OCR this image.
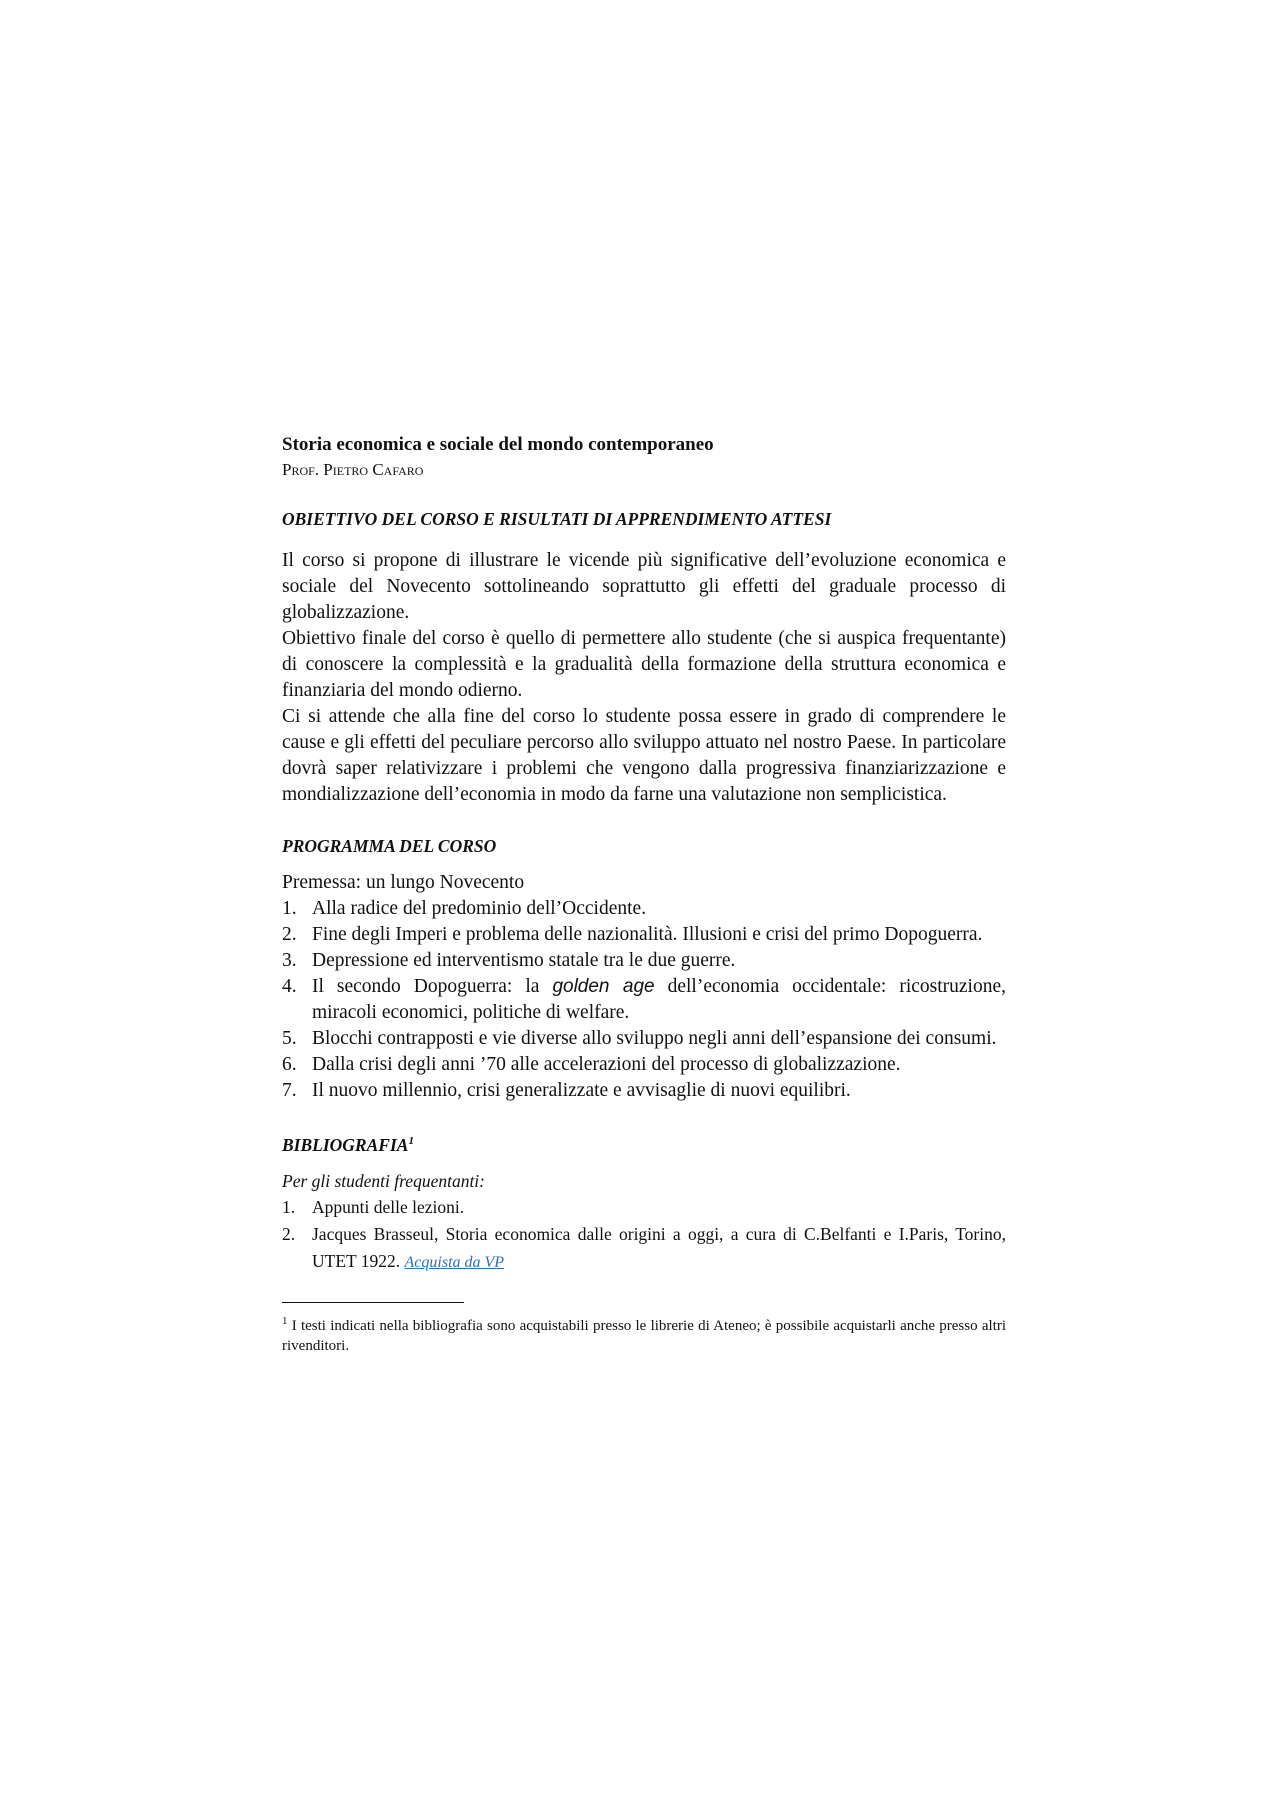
Storia economica e sociale del mondo contemporaneo

Prof. Pietro Cafaro

OBIETTIVO DEL CORSO E RISULTATI DI APPRENDIMENTO ATTESI

Il corso si propone di illustrare le vicende più significative dell’evoluzione economica e sociale del Novecento sottolineando soprattutto gli effetti del graduale processo di globalizzazione.

Obiettivo finale del corso è quello di permettere allo studente (che si auspica frequentante) di conoscere la complessità e la gradualità della formazione della struttura economica e finanziaria del mondo odierno.

Ci si attende che alla fine del corso lo studente possa essere in grado di comprendere le cause e gli effetti del peculiare percorso allo sviluppo attuato nel nostro Paese. In particolare dovrà saper relativizzare i problemi che vengono dalla progressiva finanziarizzazione e mondializzazione dell’economia in modo da farne una valutazione non semplicistica.

PROGRAMMA DEL CORSO

Premessa: un lungo Novecento

1. Alla radice del predominio dell’Occidente.
2. Fine degli Imperi e problema delle nazionalità. Illusioni e crisi del primo Dopoguerra.
3. Depressione ed interventismo statale tra le due guerre.
4. Il secondo Dopoguerra: la golden age dell’economia occidentale: ricostruzione, miracoli economici, politiche di welfare.
5. Blocchi contrapposti e vie diverse allo sviluppo negli anni dell’espansione dei consumi.
6. Dalla crisi degli anni ’70 alle accelerazioni del processo di globalizzazione.
7. Il nuovo millennio, crisi generalizzate e avvisaglie di nuovi equilibri.
BIBLIOGRAFIA$^1$

Per gli studenti frequentanti:

1. Appunti delle lezioni.
2. Jacques Brasseul, Storia economica dalle origini a oggi, a cura di C.Belfanti e I.Paris, Torino, UTET 1922. Acquista da VP

$^1$ I testi indicati nella bibliografia sono acquistabili presso le librerie di Ateneo; è possibile acquistarli anche presso altri rivenditori.
